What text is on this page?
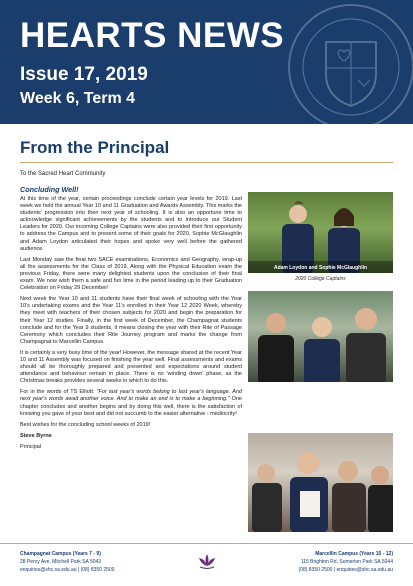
HEARTS NEWS
Issue 17, 2019
Week 6, Term 4
From the Principal
To the Sacred Heart Community
Concluding Well!

At this time of the year, certain proceedings conclude certain year levels for 2019. Last week we held the annual Year 10 and 11 Graduation and Awards Assembly. This marks the students' progression into their next year of schooling. It is also an opportune time to acknowledge significant achievements by the students and to introduce our Student Leaders for 2020. Our incoming College Captains were also provided their first opportunity to address the Campus and to present some of their goals for 2020. Sophie McGlaughlin and Adam Loydon articulated their hopes and spoke very well before the gathered audience.

Last Monday saw the final two SACE examinations, Economics and Geography, wrap-up all the assessments for the Class of 2019. Along with the Physical Education exam the previous Friday, there were many delighted students upon the conclusion of their final exam. We now wish them a safe and fun time in the period leading up to their Graduation Celebration on Friday 29 December!

Next week the Year 10 and 11 students have their final week of schooling with the Year 10's undertaking exams and the Year 11's enrolled in their Year 12 2020 Week, whereby they meet with teachers of their chosen subjects for 2020 and begin the preparation for their Year 12 studies. Finally, in the first week of December, the Champagnat students conclude and for the Year 9 students, it means closing the year with their Rite of Passage Ceremony which concludes their Rite Journey program and marks the change from Champagnat to Marcellin Campus.

It is certainly a very busy time of the year! However, the message shared at the recent Year 10 and 11 Assembly was focused on finishing the year well. Final assessments and exams should all be thoroughly prepared and presented and expectations around student attendance and behaviour remain in place. There is no 'winding down' phase, as the Christmas breaks provides several weeks in which to do this.

For in the words of TS Elliott: "For last year's words belong to last year's language. And next year's words await another voice. And to make an end is to make a beginning." One chapter concludes and another begins and by doing this well, there is the satisfaction of knowing you gave of your best and did not succumb to the easier alternative - mediocrity!

Best wishes for the concluding school weeks of 2019!

Steve Byrne

Principal

Adam Loydon and Sophie McGlaughlin
2020 College Captains
Champagnat Campus (Years 7 - 9)
28 Percy Ave, Mitchell Park SA 5043
enquiries@shc.sa.edu.au | (08) 8350 2500
Marcellin Campus (Years 10 - 12)
115 Brighton Rd, Somerton Park SA 5044
(08) 8350 2500 | enquiries@shc.sa.edu.au
